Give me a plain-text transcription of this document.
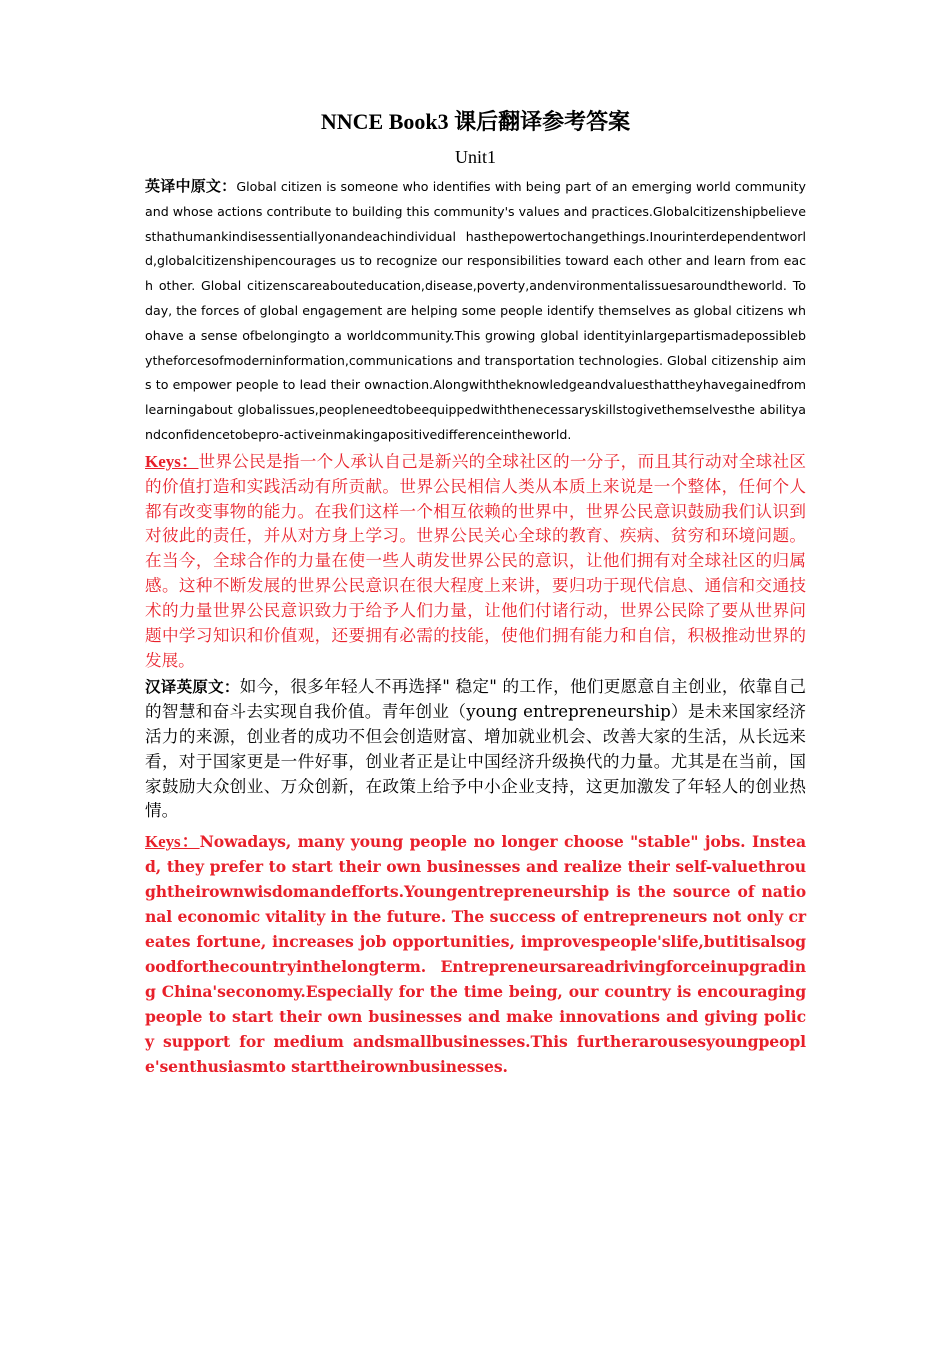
NNCE Book3 课后翻译参考答案
Unit1

英译中原文：Global citizen is someone who identifies with being part of an emerging world community and whose actions contribute to building this community's values and practices.Globalcitizenshipbelievesthathumankindisessentiallyonandeachindividual hasthepowertochangethings.Inourinterdependentworld,globalcitizenshipencourages us to recognize our responsibilities toward each other and learn from each other. Global citizenscareabouteducation,disease,poverty,andenvironmentalissuesaroundtheworld. Today, the forces of global engagement are helping some people identify themselves as global citizens whohave a sense ofbelongingto a worldcommunity.This growing global identityinlargepartismadepossiblebytheforcesofmoderninformation,communications and transportation technologies. Global citizenship aims to empower people to lead their ownaction.Alongwiththeknowledgeandvaluesthattheyhavegainedfromlearningabout globalissues,peopleneedtobeequippedwiththenecessaryskillstogivethemselvesthe abilityandconfidencetobepro-activeinmakingapositivedifferenceintheworld.

Keys：世界公民是指一个人承认自己是新兴的全球社区的一分子，而且其行动对全球社区的价值打造和实践活动有所贡献。世界公民相信人类从本质上来说是一个整体，任何个人都有改变事物的能力。在我们这样一个相互依赖的世界中，世界公民意识鼓励我们认识到对彼此的责任，并从对方身上学习。世界公民关心全球的教育、疾病、贫穷和环境问题。在当今，全球合作的力量在使一些人萌发世界公民的意识，让他们拥有对全球社区的归属感。这种不断发展的世界公民意识在很大程度上来讲，要归功于现代信息、通信和交通技术的力量世界公民意识致力于给予人们力量，让他们付诸行动，世界公民除了要从世界问题中学习知识和价值观，还要拥有必需的技能，使他们拥有能力和自信，积极推动世界的发展。

汉译英原文：如今，很多年轻人不再选择" 稳定" 的工作，他们更愿意自主创业，依靠自己的智慧和奋斗去实现自我价值。青年创业（young entrepreneurship）是未来国家经济活力的来源，创业者的成功不但会创造财富、增加就业机会、改善大家的生活，从长远来看，对于国家更是一件好事，创业者正是让中国经济升级换代的力量。尤其是在当前，国家鼓励大众创业、万众创新，在政策上给予中小企业支持，这更加激发了年轻人的创业热情。

Keys：Nowadays, many young people no longer choose "stable" jobs. Instead, they prefer to start their own businesses and realize their self-valuethroughtheirownwisdomandefforts.Youngentrepreneurship is the source of national economic vitality in the future. The success of entrepreneurs not only creates fortune, increases job opportunities, improvespeople'slife,butitisalsogoodforthecountryinthelongterm. Entrepreneursareadrivingforceinupgrading China'seconomy.Especially for the time being, our country is encouraging people to start their own businesses and make innovations and giving policy support for medium andsmallbusinesses.This furtherarousesyoungpeople'senthusiasmto starttheirownbusinesses.
